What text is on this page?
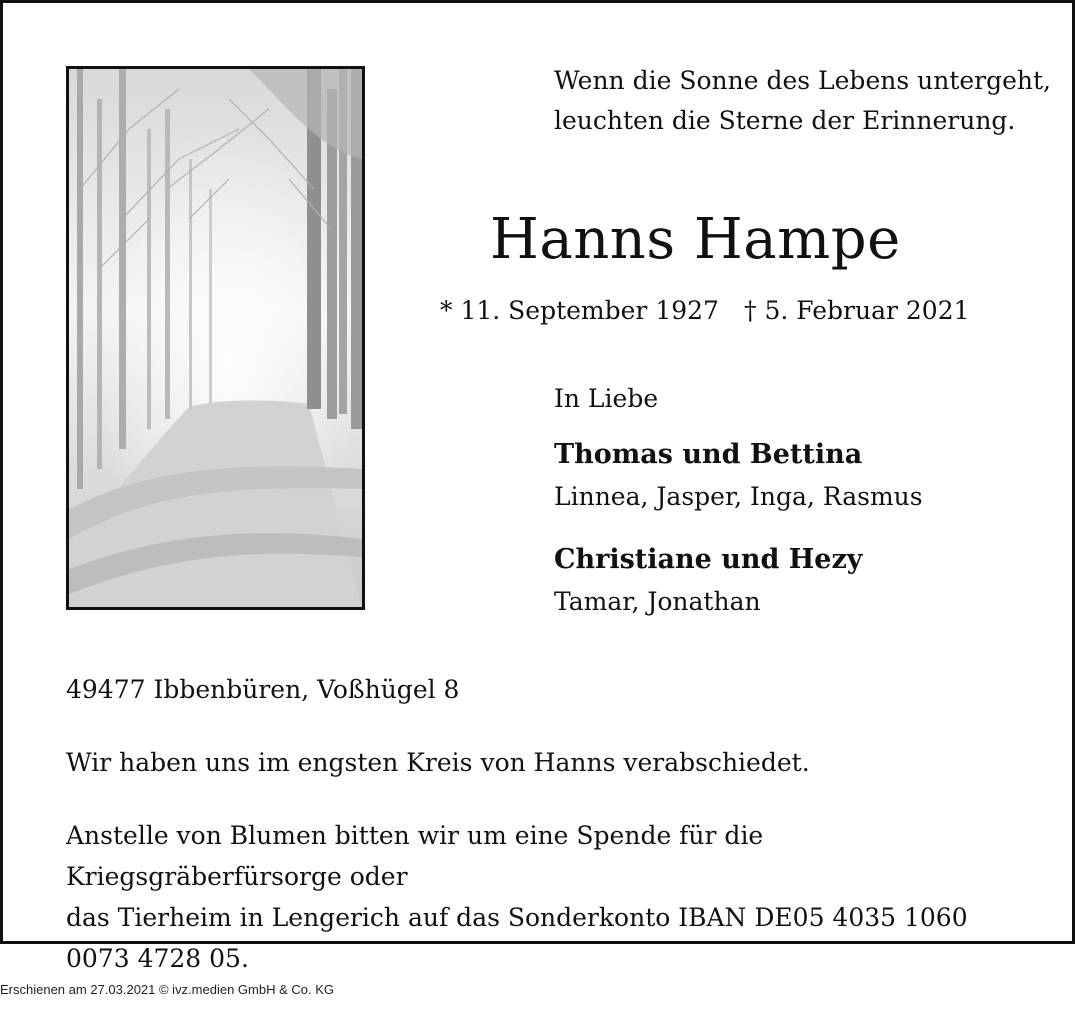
Wenn die Sonne des Lebens untergeht,
leuchten die Sterne der Erinnerung.
Hanns Hampe
* 11. September 1927 † 5. Februar 2021
In Liebe
Thomas und Bettina
Linnea, Jasper, Inga, Rasmus
Christiane und Hezy
Tamar, Jonathan
49477 Ibbenbüren, Voßhügel 8
Wir haben uns im engsten Kreis von Hanns verabschiedet.
Anstelle von Blumen bitten wir um eine Spende für die Kriegsgräberfürsorge oder
das Tierheim in Lengerich auf das Sonderkonto IBAN DE05 4035 1060 0073 4728 05.
Erschienen am 27.03.2021 © ivz.medien GmbH & Co. KG
